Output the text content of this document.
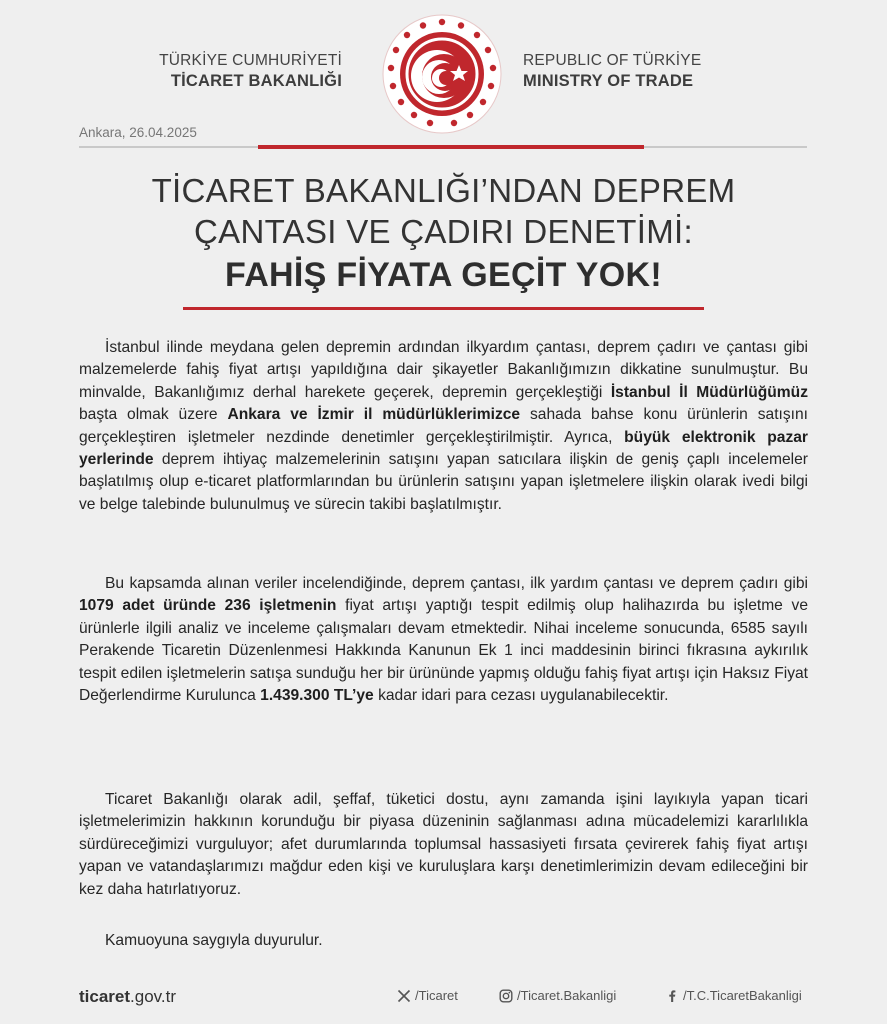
TÜRKİYE CUMHURİYETİ
TİCARET BAKANLIĞI
REPUBLIC OF TÜRKİYE
MINISTRY OF TRADE
Ankara, 26.04.2025
TİCARET BAKANLIĞI’NDAN DEPREM
ÇANTASI VE ÇADIRI DENETİMİ:
FAHİŞ FİYATA GEÇİT YOK!

İstanbul ilinde meydana gelen depremin ardından ilkyardım çantası, deprem çadırı ve çantası gibi malzemelerde fahiş fiyat artışı yapıldığına dair şikayetler Bakanlığımızın dikkatine sunulmuştur. Bu minvalde, Bakanlığımız derhal harekete geçerek, depremin gerçekleştiği İstanbul İl Müdürlüğümüz başta olmak üzere Ankara ve İzmir il müdürlüklerimizce sahada bahse konu ürünlerin satışını gerçekleştiren işletmeler nezdinde denetimler gerçekleştirilmiştir. Ayrıca, büyük elektronik pazar yerlerinde deprem ihtiyaç malzemelerinin satışını yapan satıcılara ilişkin de geniş çaplı incelemeler başlatılmış olup e-ticaret platformlarından bu ürünlerin satışını yapan işletmelere ilişkin olarak ivedi bilgi ve belge talebinde bulunulmuş ve sürecin takibi başlatılmıştır.

Bu kapsamda alınan veriler incelendiğinde, deprem çantası, ilk yardım çantası ve deprem çadırı gibi 1079 adet üründe 236 işletmenin fiyat artışı yaptığı tespit edilmiş olup halihazırda bu işletme ve ürünlerle ilgili analiz ve inceleme çalışmaları devam etmektedir. Nihai inceleme sonucunda, 6585 sayılı Perakende Ticaretin Düzenlenmesi Hakkında Kanunun Ek 1 inci maddesinin birinci fıkrasına aykırılık tespit edilen işletmelerin satışa sunduğu her bir ürününde yapmış olduğu fahiş fiyat artışı için Haksız Fiyat Değerlendirme Kurulunca 1.439.300 TL’ye kadar idari para cezası uygulanabilecektir.

Ticaret Bakanlığı olarak adil, şeffaf, tüketici dostu, aynı zamanda işini layıkıyla yapan ticari işletmelerimizin hakkının korunduğu bir piyasa düzeninin sağlanması adına mücadelemizi kararlılıkla sürdüreceğimizi vurguluyor; afet durumlarında toplumsal hassasiyeti fırsata çevirerek fahiş fiyat artışı yapan ve vatandaşlarımızı mağdur eden kişi ve kuruluşlara karşı denetimlerimizin devam edileceğini bir kez daha hatırlatıyoruz.

Kamuoyuna saygıyla duyurulur.

ticaret.gov.tr	/Ticaret	/Ticaret.Bakanligi	/T.C.TicaretBakanligi
